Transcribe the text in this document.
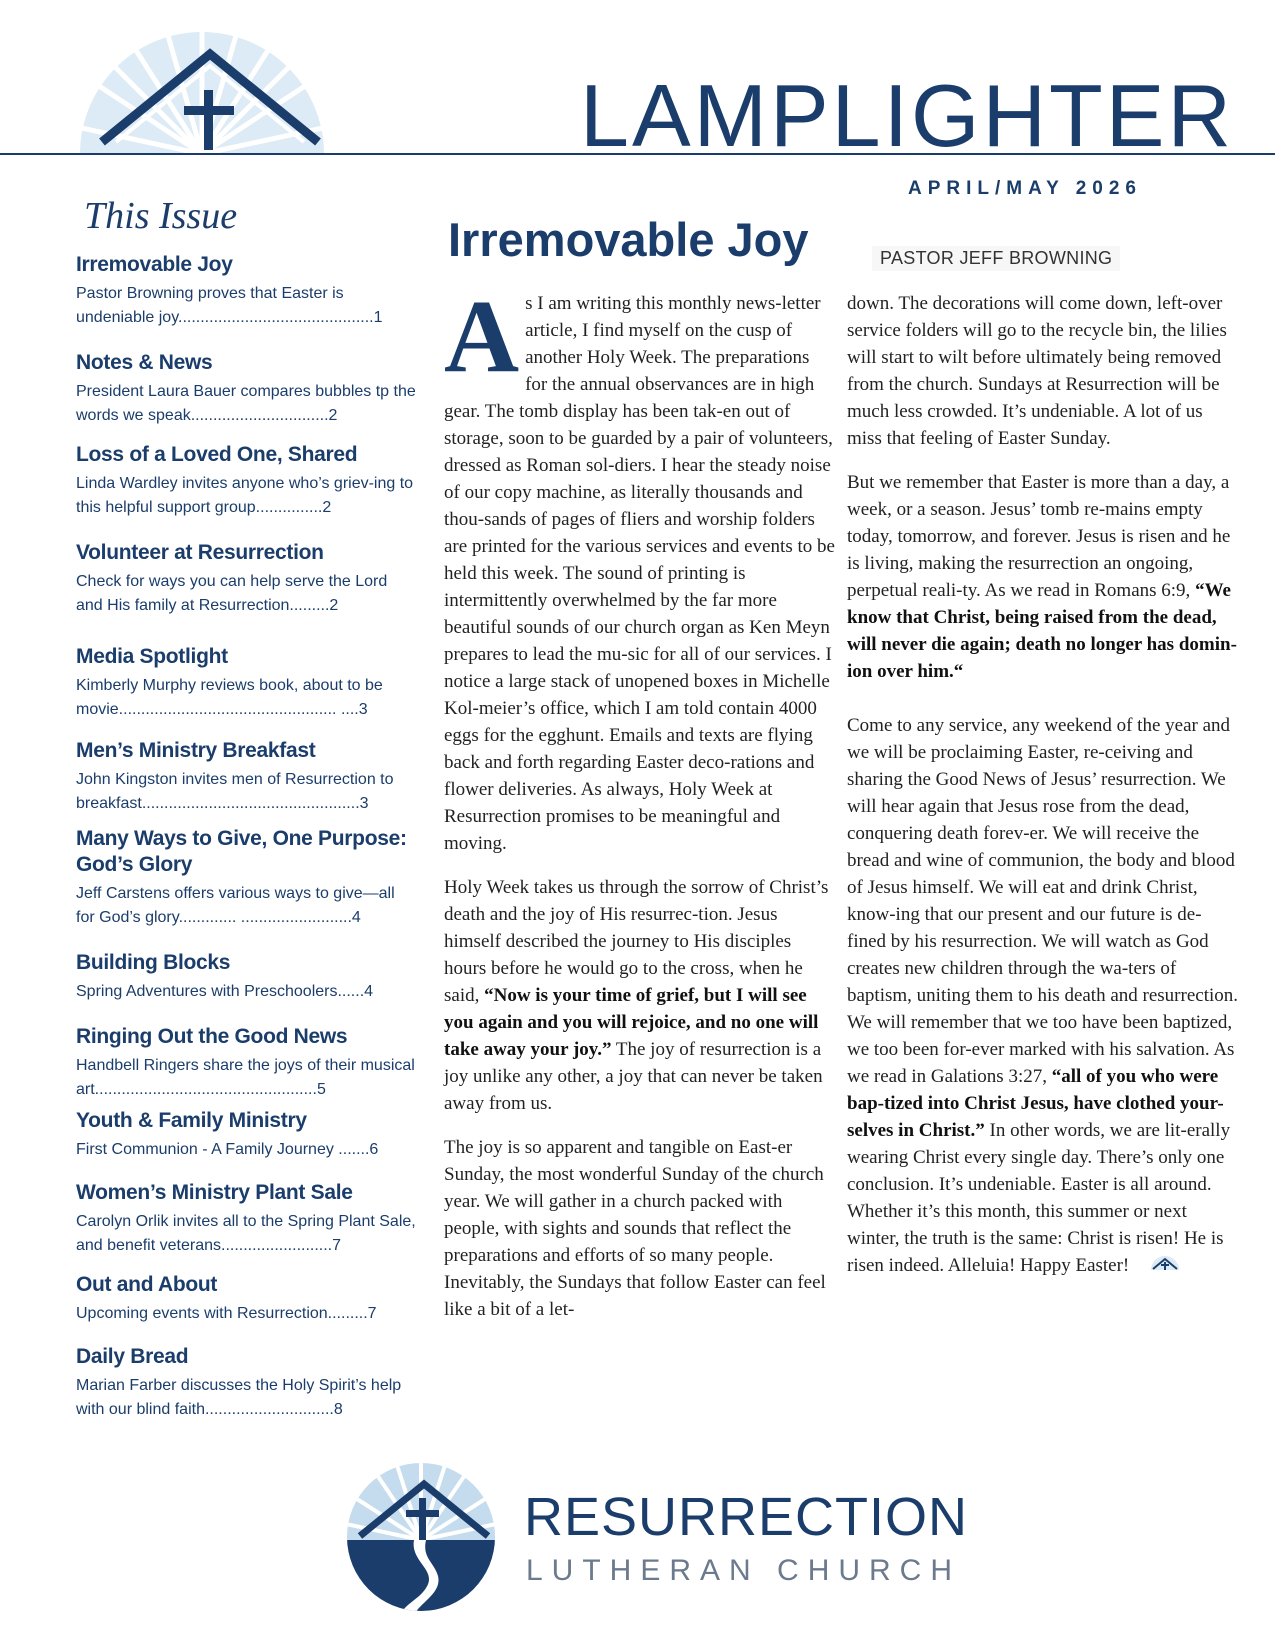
LAMPLIGHTER
APRIL/MAY 2026
This Issue
Irremovable Joy

Pastor Browning proves that Easter is undeniable joy............................................1

Notes & News

President Laura Bauer compares bubbles tp the words we speak...............................2

Loss of a Loved One, Shared

Linda Wardley invites anyone who’s griev-ing to this helpful support group...............2

Volunteer at Resurrection

Check for ways you can help serve the Lord and His family at Resurrection.........2

Media Spotlight

Kimberly Murphy reviews book, about to be movie................................................. ....3

Men’s Ministry Breakfast

John Kingston invites men of Resurrection to breakfast.................................................3

Many Ways to Give, One Purpose: God’s Glory

Jeff Carstens offers various ways to give—all for God’s glory............. .........................4

Building Blocks

Spring Adventures with Preschoolers......4

Ringing Out the Good News

Handbell Ringers share the joys of their musical art..................................................5

Youth & Family Ministry

First Communion - A Family Journey .......6

Women’s Ministry Plant Sale

Carolyn Orlik invites all to the Spring Plant Sale, and benefit veterans.........................7

Out and About

Upcoming events with Resurrection.........7

Daily Bread

Marian Farber discusses the Holy Spirit’s help with our blind faith.............................8

Irremovable Joy	PASTOR JEFF BROWNING

As I am writing this monthly news-letter article, I find myself on the cusp of another Holy Week. The preparations for the annual observances are in high gear. The tomb display has been tak-en out of storage, soon to be guarded by a pair of volunteers, dressed as Roman sol-diers. I hear the steady noise of our copy machine, as literally thousands and thou-sands of pages of fliers and worship folders are printed for the various services and events to be held this week. The sound of printing is intermittently overwhelmed by the far more beautiful sounds of our church organ as Ken Meyn prepares to lead the mu-sic for all of our services. I notice a large stack of unopened boxes in Michelle Kol-meier’s office, which I am told contain 4000 eggs for the egghunt. Emails and texts are flying back and forth regarding Easter deco-rations and flower deliveries. As always, Holy Week at Resurrection promises to be meaningful and moving.

Holy Week takes us through the sorrow of Christ’s death and the joy of His resurrec-tion. Jesus himself described the journey to His disciples hours before he would go to the cross, when he said, “Now is your time of grief, but I will see you again and you will rejoice, and no one will take away your joy.” The joy of resurrection is a joy unlike any other, a joy that can never be taken away from us.

The joy is so apparent and tangible on East-er Sunday, the most wonderful Sunday of the church year. We will gather in a church packed with people, with sights and sounds that reflect the preparations and efforts of so many people. Inevitably, the Sundays that follow Easter can feel like a bit of a let-

down. The decorations will come down, left-over service folders will go to the recycle bin, the lilies will start to wilt before ultimately being removed from the church. Sundays at Resurrection will be much less crowded. It’s undeniable. A lot of us miss that feeling of Easter Sunday.

But we remember that Easter is more than a day, a week, or a season. Jesus’ tomb re-mains empty today, tomorrow, and forever. Jesus is risen and he is living, making the resurrection an ongoing, perpetual reali-ty. As we read in Romans 6:9, “We know that Christ, being raised from the dead, will never die again; death no longer has domin-ion over him.“

Come to any service, any weekend of the year and we will be proclaiming Easter, re-ceiving and sharing the Good News of Jesus’ resurrection. We will hear again that Jesus rose from the dead, conquering death forev-er. We will receive the bread and wine of communion, the body and blood of Jesus himself. We will eat and drink Christ, know-ing that our present and our future is de-fined by his resurrection. We will watch as God creates new children through the wa-ters of baptism, uniting them to his death and resurrection. We will remember that we too have been baptized, we too been for-ever marked with his salvation. As we read in Galations 3:27, “all of you who were bap-tized into Christ Jesus, have clothed your-selves in Christ.” In other words, we are lit-erally wearing Christ every single day. There’s only one conclusion. It’s undeniable. Easter is all around. Whether it’s this month, this summer or next winter, the truth is the same: Christ is risen! He is risen indeed. Alleluia! Happy Easter!

RESURRECTION
LUTHERAN CHURCH
